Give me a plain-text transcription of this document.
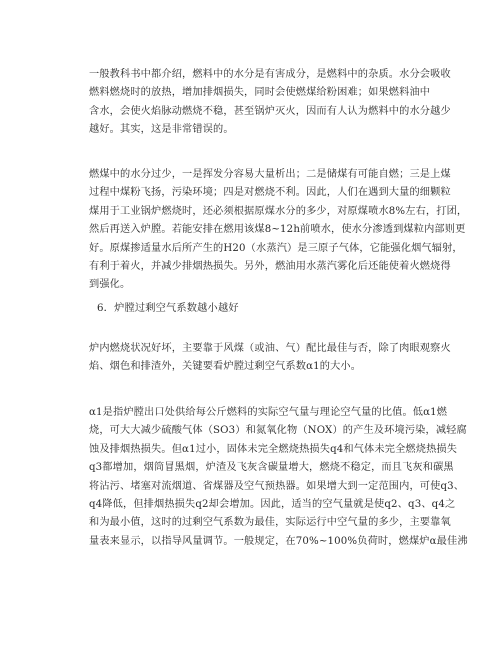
一般教科书中都介绍，燃料中的水分是有害成分，是燃料中的杂质。水分会吸收
燃料燃烧时的放热，增加排烟损失，同时会使燃煤给粉困难；如果燃料油中
含水，会使火焰脉动燃烧不稳，甚至锅炉灭火，因而有人认为燃料中的水分越少
越好。其实，这是非常错误的。
燃煤中的水分过少，一是挥发分容易大量析出；二是储煤有可能自燃；三是上煤
过程中煤粉飞扬，污染环境；四是对燃烧不利。因此，人们在遇到大量的细颗粒
煤用于工业锅炉燃烧时，还必须根据原煤水分的多少，对原煤喷水8%左右，打团，
然后再送入炉膛。若能安排在燃用该煤8~12h前喷水，使水分渗透到煤粒内部则更
好。原煤掺适量水后所产生的H20（水蒸汽）是三原子气体，它能强化烟气辐射，
有利于着火，并减少排烟热损失。另外，燃油用水蒸汽雾化后还能使着火燃烧得
到强化。
6．炉膛过剩空气系数越小越好
炉内燃烧状况好坏，主要靠于风煤（或油、气）配比最佳与否，除了肉眼观察火
焰、烟色和排渣外，关键要看炉膛过剩空气系数α1的大小。
α1是指炉膛出口处供给每公斤燃料的实际空气量与理论空气量的比值。低α1燃
烧，可大大减少硫酸气体（SO3）和氮氧化物（NOX）的产生及环境污染，减轻腐
蚀及排烟热损失。但α1过小，固体未完全燃烧热损失q4和气体未完全燃烧热损失
q3都增加，烟筒冒黑烟，炉渣及飞灰含碳量增大，燃烧不稳定，而且飞灰和碳黑
将沾污、堵塞对流烟道、省煤器及空气预热器。如果增大到一定范围内，可使q3、
q4降低，但排烟热损失q2却会增加。因此，适当的空气量就是使q2、q3、q4之
和为最小值，这时的过剩空气系数为最佳，实际运行中空气量的多少，主要靠氧
量表来显示，以指导风量调节。一般规定，在70%~100%负荷时，燃煤炉α最佳沸
